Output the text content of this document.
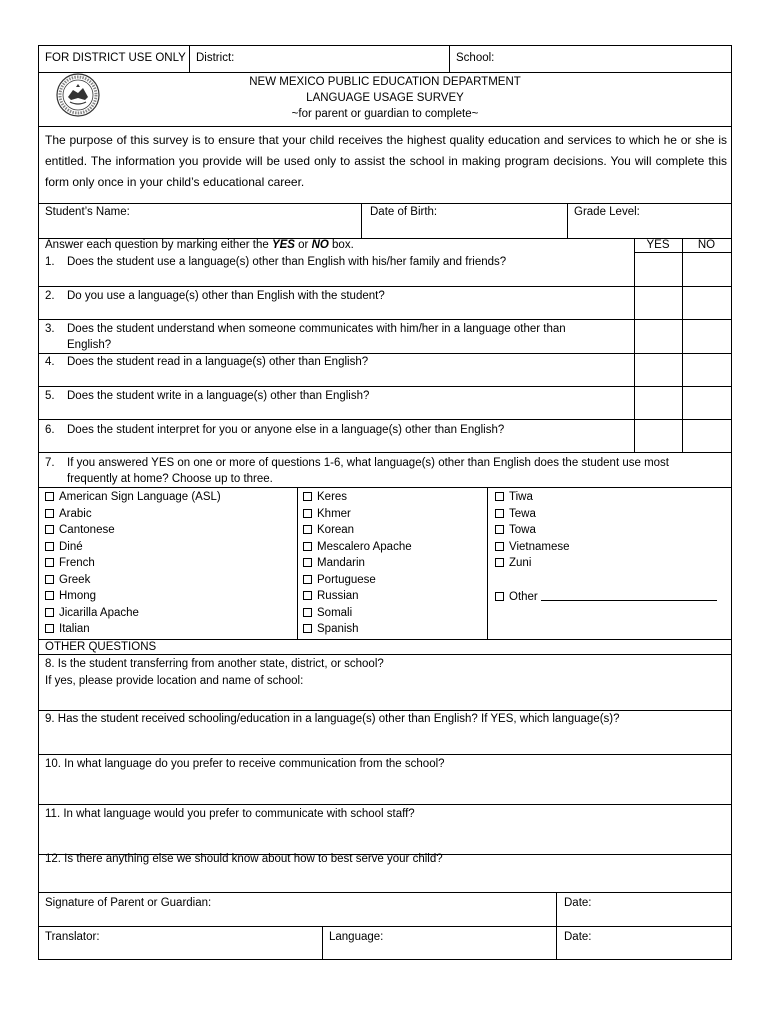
FOR DISTRICT USE ONLY District:	School:
NEW MEXICO PUBLIC EDUCATION DEPARTMENT
LANGUAGE USAGE SURVEY
~for parent or guardian to complete~
The purpose of this survey is to ensure that your child receives the highest quality education and services to which he or she is entitled. The information you provide will be used only to assist the school in making program decisions. You will complete this form only once in your child’s educational career.
Student’s Name:	Date of Birth:	Grade Level:
Answer each question by marking either the YES or NO box.	YES	NO
1. Does the student use a language(s) other than English with his/her family and friends?
2. Do you use a language(s) other than English with the student?
3. Does the student understand when someone communicates with him/her in a language other than
English?
4. Does the student read in a language(s) other than English?
5. Does the student write in a language(s) other than English?
6. Does the student interpret for you or anyone else in a language(s) other than English?
7. If you answered YES on one or more of questions 1-6, what language(s) other than English does the student use most
frequently at home? Choose up to three.
American Sign Language (ASL)
Arabic
Cantonese
Diné
French
Greek
Hmong
Jicarilla Apache
Italian
Keres
Khmer
Korean
Mescalero Apache
Mandarin
Portuguese
Russian
Somali
Spanish
Tiwa
Tewa
Towa
Vietnamese
Zuni
Other
OTHER QUESTIONS
8. Is the student transferring from another state, district, or school?
If yes, please provide location and name of school:
9. Has the student received schooling/education in a language(s) other than English? If YES, which language(s)?
10. In what language do you prefer to receive communication from the school?
11. In what language would you prefer to communicate with school staff?
12. Is there anything else we should know about how to best serve your child?
Signature of Parent or Guardian:	Date:
Translator:	Language:	Date:
